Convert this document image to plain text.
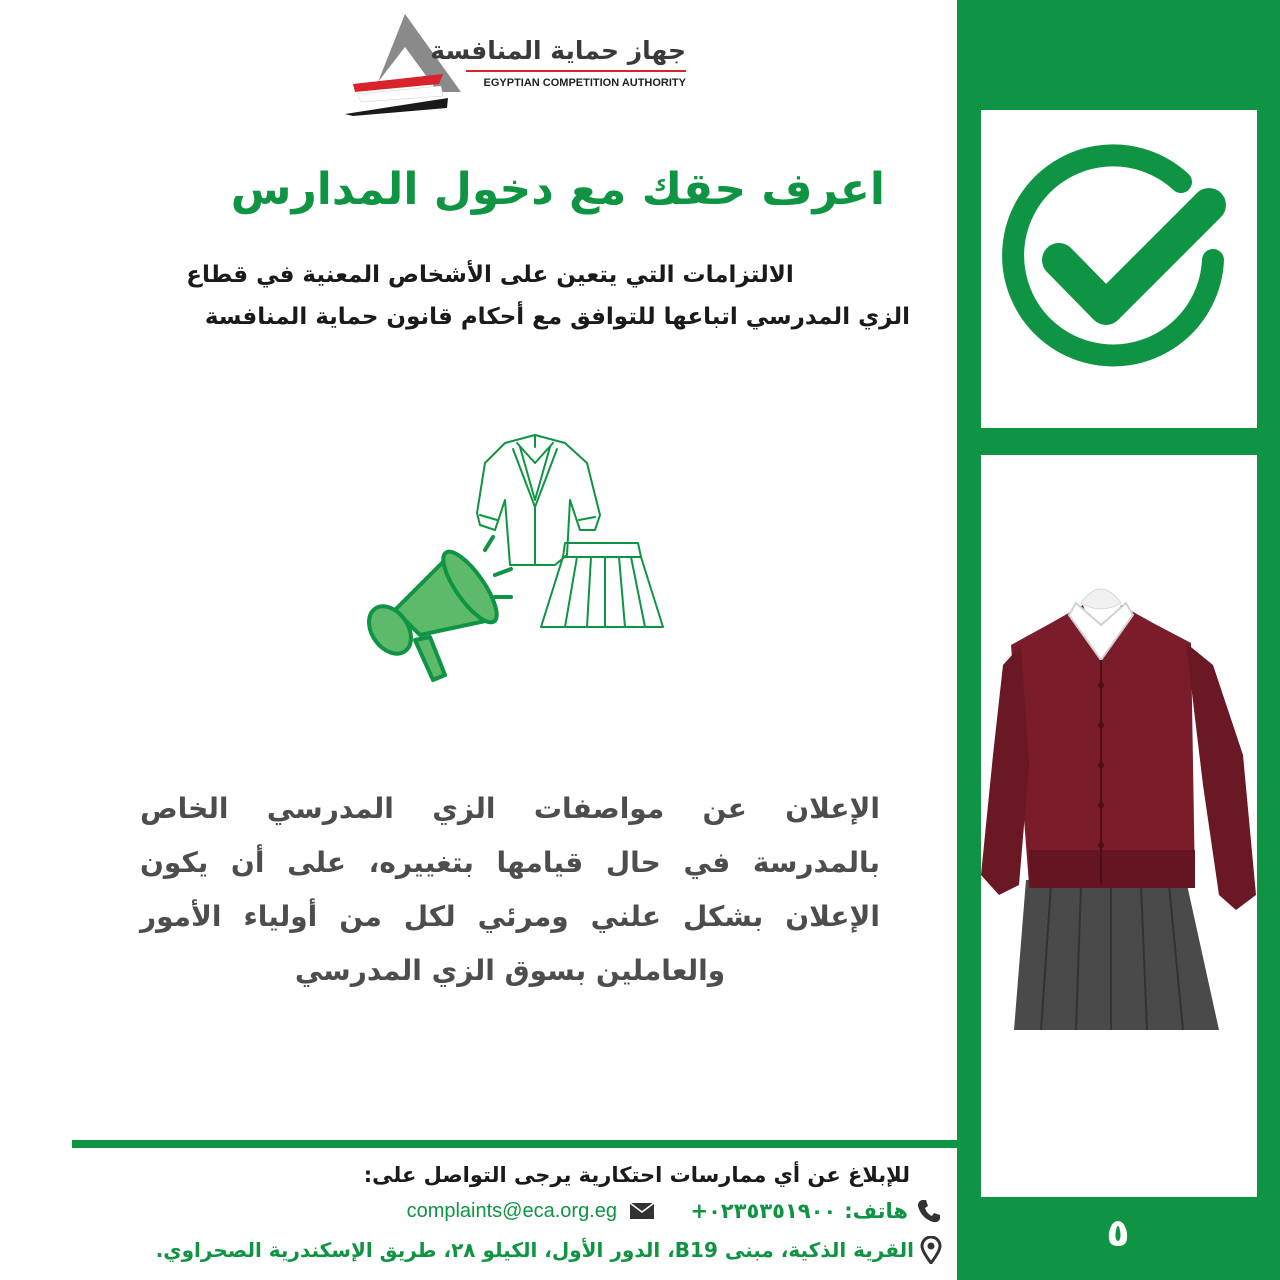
٥
جهاز حماية المنافسة
EGYPTIAN COMPETITION AUTHORITY
اعرف حقك مع دخول المدارس
الالتزامات التي يتعين على الأشخاص المعنية في قطاع
الزي المدرسي اتباعها للتوافق مع أحكام قانون حماية المنافسة
الإعلان عن مواصفات الزي المدرسي الخاص
بالمدرسة في حال قيامها بتغييره، على أن يكون
الإعلان بشكل علني ومرئي لكل من أولياء الأمور
والعاملين بسوق الزي المدرسي
للإبلاغ عن أي ممارسات احتكارية يرجى التواصل على:
هاتف:
٠٢٣٥٣٥١٩٠٠+
complaints@eca.org.eg
القرية الذكية، مبنى B19، الدور الأول، الكيلو ٢٨، طريق الإسكندرية الصحراوي.
